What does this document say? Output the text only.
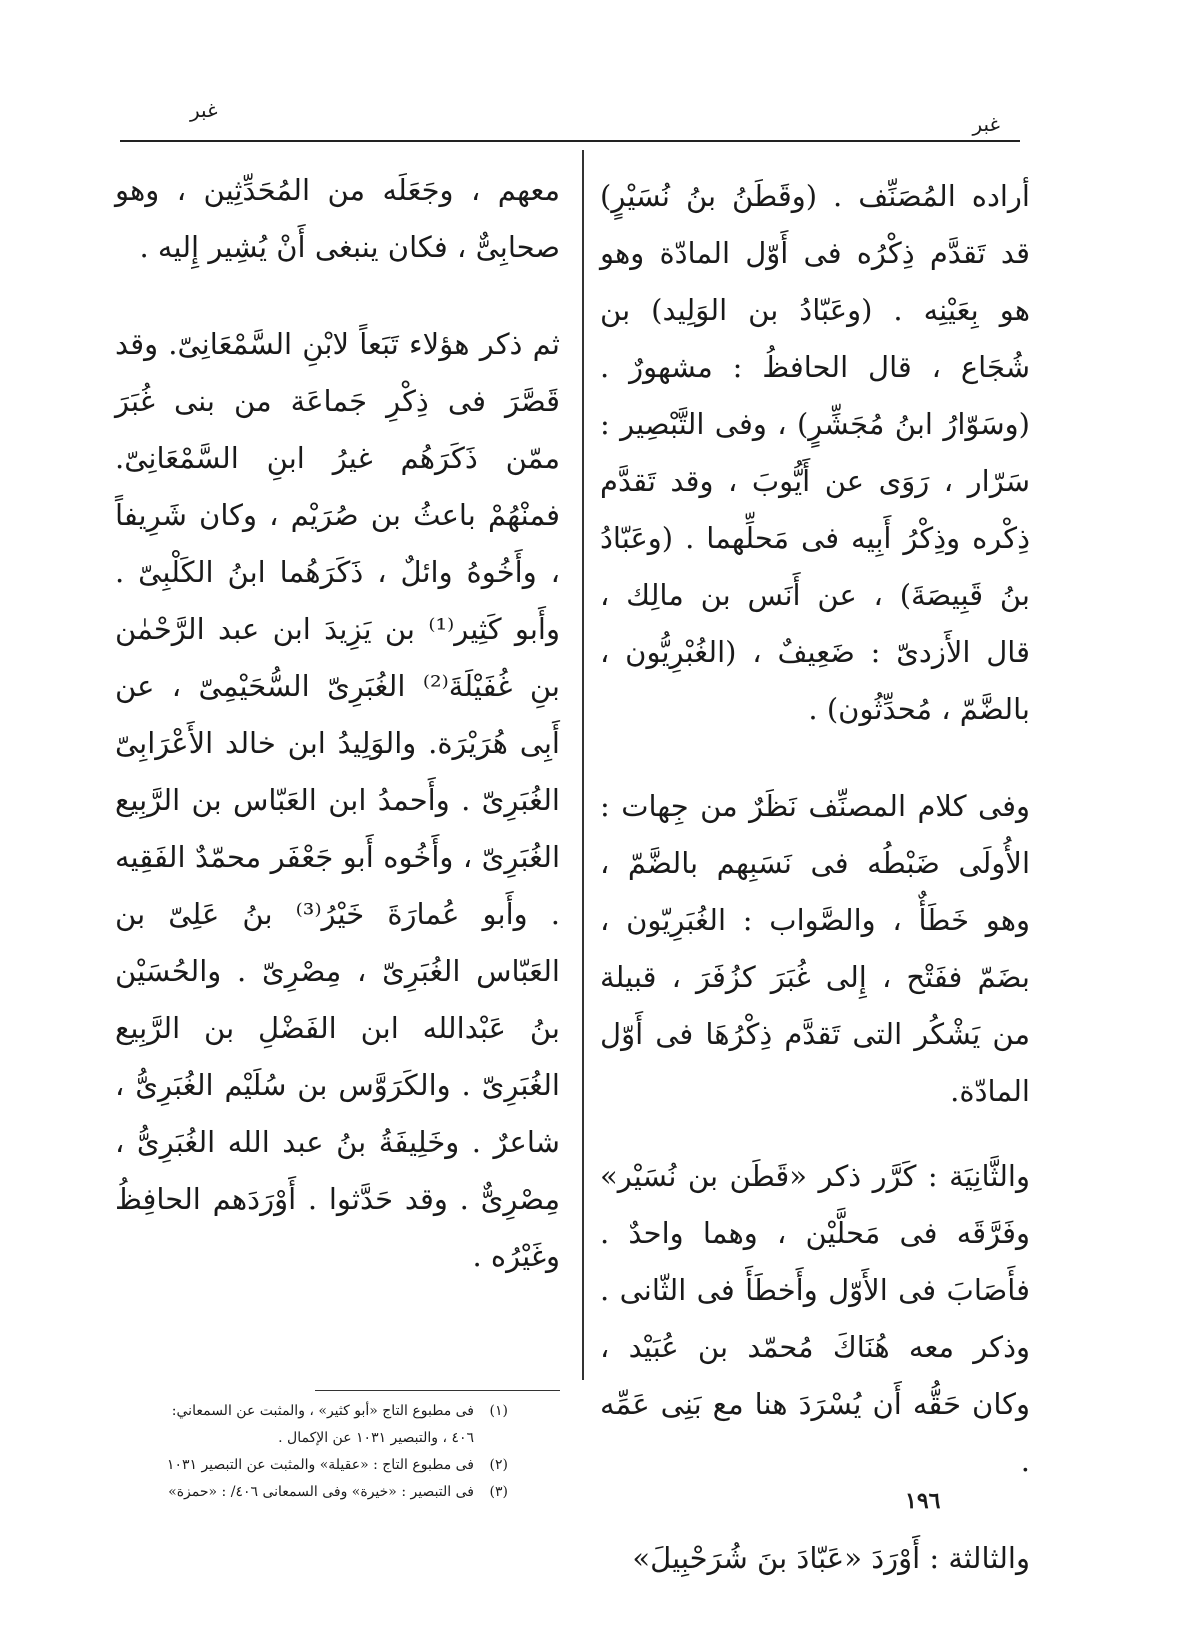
غبر
غبر

أراده المُصَنِّف . (وقَطَنُ بنُ نُسَيْرٍ) قد تَقدَّم ذِكْرُه فى أَوّل المادّة وهو هو بِعَيْنِه . (وعَبّادُ بن الوَلِيد) بن شُجَاع ، قال الحافظُ : مشهورٌ . (وسَوّارُ ابنُ مُجَشِّرٍ) ، وفى التَّبْصِير : سَرّار ، رَوَى عن أَيُّوبَ ، وقد تَقدَّم ذِكْره وذِكْرُ أَبِيه فى مَحلِّهما . (وعَبّادُ بنُ قَبِيصَةَ) ، عن أَنَس بن مالِك ، قال الأَزدىّ : ضَعِيفٌ ، (الغُبْرِيُّون ، بالضَّمّ ، مُحدِّثُون) .

وفى كلام المصنِّف نَظَرٌ من جِهات : الأُولَى ضَبْطُه فى نَسَبِهم بالضَّمّ ، وهو خَطَأٌ ، والصَّواب : الغُبَرِيّون ، بضَمّ ففَتْح ، إِلى غُبَرَ كزُفَرَ ، قبيلة من يَشْكُر التى تَقدَّم ذِكْرُهَا فى أَوّل المادّة.

والثَّانِيَة : كَرَّر ذكر «قَطَن بن نُسَيْر» وفَرَّقَه فى مَحلَّيْن ، وهما واحدٌ . فأَصَابَ فى الأَوّل وأَخطَأَ فى الثّانى . وذكر معه هُنَاكَ مُحمّد بن عُبَيْد ، وكان حَقُّه أَن يُسْرَدَ هنا مع بَنِى عَمِّه .

والثالثة : أَوْرَدَ «عَبّادَ بنَ شُرَحْبِيلَ»

معهم ، وجَعَلَه من المُحَدِّثِين ، وهو صحابِىٌّ ، فكان ينبغى أَنْ يُشِير إِليه .

ثم ذكر هؤلاء تَبَعاً لابْنِ السَّمْعَانِىّ. وقد قَصَّرَ فى ذِكْرِ جَماعَة من بنى غُبَرَ ممّن ذَكَرَهُم غيرُ ابنِ السَّمْعَانِىّ. فمنْهُمْ باعثُ بن صُرَيْم ، وكان شَرِيفاً ، وأَخُوهُ وائلٌ ، ذَكَرَهُما ابنُ الكَلْبِىّ . وأَبو كَثِير⁽¹⁾ بن يَزِيدَ ابن عبد الرَّحْمٰن بنِ غُفَيْلَةَ⁽²⁾ الغُبَرِىّ السُّحَيْمِىّ ، عن أَبِى هُرَيْرَة. والوَلِيدُ ابن خالد الأَعْرَابِىّ الغُبَرِىّ . وأَحمدُ ابن العَبّاس بن الرَّبِيع الغُبَرِىّ ، وأَخُوه أَبو جَعْفَر محمّدٌ الفَقِيه . وأَبو عُمارَةَ خَيْرُ⁽³⁾ بنُ عَلِىّ بن العَبّاس الغُبَرِىّ ، مِصْرِىّ . والحُسَيْن بنُ عَبْدالله ابن الفَضْلِ بن الرَّبِيع الغُبَرِىّ . والكَرَوَّس بن سُلَيْم الغُبَرِىُّ ، شاعرٌ . وخَلِيفَةُ بنُ عبد الله الغُبَرِىُّ ، مِصْرِىٌّ . وقد حَدَّثوا . أَوْرَدَهم الحافِظُ وغَيْرُه .

(١)
فى مطبوع التاج «أبو كثير» ، والمثبت عن السمعاني:
٤٠٦ ، والتبصير ١٠٣١ عن الإكمال .
(٢)
فى مطبوع التاج : «عقيلة» والمثبت عن التبصير ١٠٣١
(٣)
فى التبصير : «خيرة» وفى السمعانى ٤٠٦/ : «حمزة»	١٩٦
